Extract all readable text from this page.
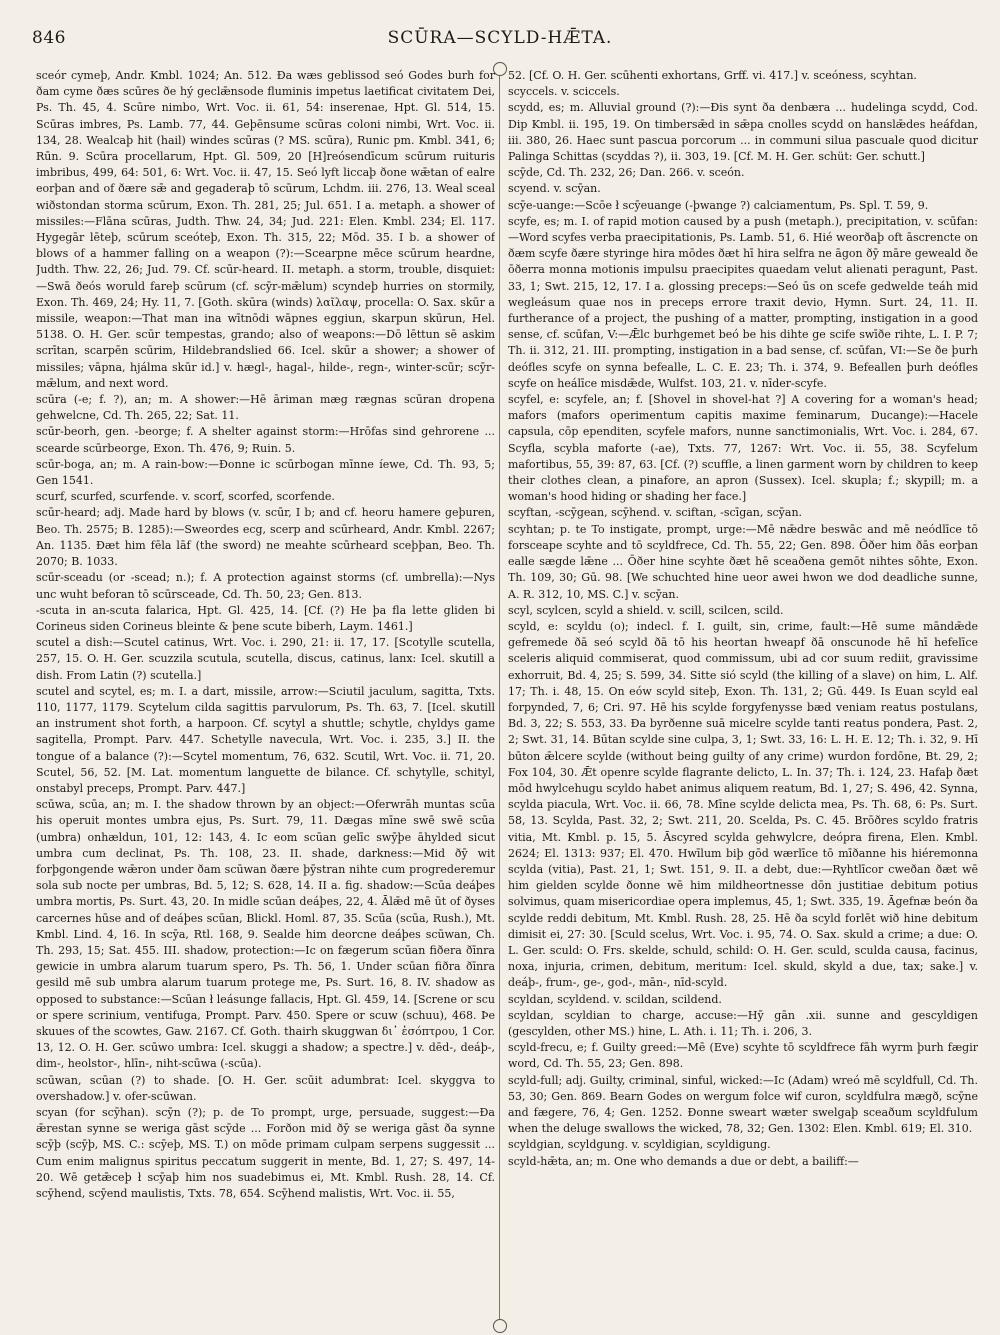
846	SCŪRA—SCYLD-HǢTA.

sceór cymeþ, Andr. Kmbl. 1024; An. 512. Ða wæs geblissod seó Godes burh for ðam cyme ðæs scūres ðe hý geclǣnsode fluminis impetus laetificat civitatem Dei, Ps. Th. 45, 4. Scūre nimbo, Wrt. Voc. ii. 61, 54: inserenae, Hpt. Gl. 514, 15. Scūras imbres, Ps. Lamb. 77, 44. Geþēnsume scūras coloni nimbi, Wrt. Voc. ii. 134, 28. Wealcaþ hit (hail) windes scūras (? MS. scūra), Runic pm. Kmbl. 341, 6; Rūn. 9. Scūra procellarum, Hpt. Gl. 509, 20 [H]reósendīcum scūrum ruituris imbribus, 499, 64: 501, 6: Wrt. Voc. ii. 47, 15. Seó lyft liccaþ ðone wǣtan of ealre eorþan and of ðære sǣ and gegaderaþ tō scūrum, Lchdm. iii. 276, 13. Weal sceal wiðstondan storma scūrum, Exon. Th. 281, 25; Jul. 651. I a. metaph. a shower of missiles:—Flāna scūras, Judth. Thw. 24, 34; Jud. 221: Elen. Kmbl. 234; El. 117. Hygegār lēteþ, scūrum sceóteþ, Exon. Th. 315, 22; Mōd. 35. I b. a shower of blows of a hammer falling on a weapon (?):—Scearpne mēce scūrum heardne, Judth. Thw. 22, 26; Jud. 79. Cf. scūr-heard. II. metaph. a storm, trouble, disquiet:—Swā ðeós woruld fareþ scūrum (cf. scȳr-mǣlum) scyndeþ hurries on stormily, Exon. Th. 469, 24; Hy. 11, 7. [Goth. skūra (winds) λαῖλαψ, procella: O. Sax. skūr a missile, weapon:—That man ina wītnōdi wāpnes eggiun, skarpun skūrun, Hel. 5138. O. H. Ger. scūr tempestas, grando; also of weapons:—Dō lēttun sē askim scrītan, scarpēn scūrim, Hildebrandslied 66. Icel. skūr a shower; a shower of missiles; vāpna, hjálma skūr id.] v. hægl-, hagal-, hilde-, regn-, winter-scūr; scȳr-mǣlum, and next word.

scūra (-e; f. ?), an; m. A shower:—Hē āriman mæg rægnas scūran dropena gehwelcne, Cd. Th. 265, 22; Sat. 11.

scūr-beorh, gen. -beorge; f. A shelter against storm:—Hrōfas sind gehrorene ... scearde scūrbeorge, Exon. Th. 476, 9; Ruin. 5.

scūr-boga, an; m. A rain-bow:—Ðonne ic scūrbogan mīnne íewe, Cd. Th. 93, 5; Gen 1541.

scurf, scurfed, scurfende. v. scorf, scorfed, scorfende.

scūr-heard; adj. Made hard by blows (v. scūr, I b; and cf. heoru hamere geþuren, Beo. Th. 2575; B. 1285):—Sweordes ecg, scerp and scūrheard, Andr. Kmbl. 2267; An. 1135. Ðæt him fēla lāf (the sword) ne meahte scūrheard sceþþan, Beo. Th. 2070; B. 1033.

scūr-sceadu (or -scead; n.); f. A protection against storms (cf. umbrella):—Nys unc wuht beforan tō scūrsceade, Cd. Th. 50, 23; Gen. 813.

-scuta in an-scuta falarica, Hpt. Gl. 425, 14. [Cf. (?) He þa fla lette gliden bi Corineus siden Corineus bleinte & þene scute biberh, Laym. 1461.]

scutel a dish:—Scutel catinus, Wrt. Voc. i. 290, 21: ii. 17, 17. [Scotylle scutella, 257, 15. O. H. Ger. scuzzila scutula, scutella, discus, catinus, lanx: Icel. skutill a dish. From Latin (?) scutella.]

scutel and scytel, es; m. I. a dart, missile, arrow:—Sciutil jaculum, sagitta, Txts. 110, 1177, 1179. Scytelum cilda sagittis parvulorum, Ps. Th. 63, 7. [Icel. skutill an instrument shot forth, a harpoon. Cf. scytyl a shuttle; schytle, chyldys game sagitella, Prompt. Parv. 447. Schetylle navecula, Wrt. Voc. i. 235, 3.] II. the tongue of a balance (?):—Scytel momentum, 76, 632. Scutil, Wrt. Voc. ii. 71, 20. Scutel, 56, 52. [M. Lat. momentum languette de bilance. Cf. schytylle, schityl, onstabyl preceps, Prompt. Parv. 447.]

scūwa, scūa, an; m. I. the shadow thrown by an object:—Oferwrāh muntas scūa his operuit montes umbra ejus, Ps. Surt. 79, 11. Dægas mīne swē swē scūa (umbra) onhældun, 101, 12: 143, 4. Ic eom scūan gelīc swȳþe āhylded sicut umbra cum declinat, Ps. Th. 108, 23. II. shade, darkness:—Mid ðȳ wit forþgongende wǣron under ðam scūwan ðære þȳstran nihte cum progrederemur sola sub nocte per umbras, Bd. 5, 12; S. 628, 14. II a. fig. shadow:—Scūa deáþes umbra mortis, Ps. Surt. 43, 20. In midle scūan deáþes, 22, 4. Ālǣd mē ūt of ðyses carcernes hūse and of deáþes scūan, Blickl. Homl. 87, 35. Scūa (scūa, Rush.), Mt. Kmbl. Lind. 4, 16. In scȳa, Rtl. 168, 9. Sealde him deorcne deáþes scūwan, Ch. Th. 293, 15; Sat. 455. III. shadow, protection:—Ic on fægerum scūan fiðera ðīnra gewicie in umbra alarum tuarum spero, Ps. Th. 56, 1. Under scūan fiðra ðīnra gesild mē sub umbra alarum tuarum protege me, Ps. Surt. 16, 8. IV. shadow as opposed to substance:—Scūan ł leásunge fallacis, Hpt. Gl. 459, 14. [Screne or scu or spere scrinium, ventifuga, Prompt. Parv. 450. Spere or scuw (schuu), 468. Þe skuues of the scowtes, Gaw. 2167. Cf. Goth. thairh skuggwan δι᾽ ἐσόπτρου, 1 Cor. 13, 12. O. H. Ger. scūwo umbra: Icel. skuggi a shadow; a spectre.] v. dēd-, deáþ-, dim-, heolstor-, hlīn-, niht-scūwa (-scūa).

scūwan, scūan (?) to shade. [O. H. Ger. scūit adumbrat: Icel. skyggva to overshadow.] v. ofer-scūwan.

scyan (for scȳhan). scȳn (?); p. de To prompt, urge, persuade, suggest:—Ða ǣrestan synne se weriga gāst scȳde ... Forðon mid ðȳ se weriga gāst ða synne scȳþ (scȳþ, MS. C.: scȳeþ, MS. T.) on mōde primam culpam serpens suggessit ... Cum enim malignus spiritus peccatum suggerit in mente, Bd. 1, 27; S. 497, 14-20. Wē getǣceþ ł scȳaþ him nos suadebimus ei, Mt. Kmbl. Rush. 28, 14. Cf. scȳhend, scȳend maulistis, Txts. 78, 654. Scȳhend malistis, Wrt. Voc. ii. 55,

52. [Cf. O. H. Ger. scūhenti exhortans, Grff. vi. 417.] v. sceóness, scyhtan.

scyccels. v. sciccels.

scydd, es; m. Alluvial ground (?):—Ðis synt ða denbæra ... hudelinga scydd, Cod. Dip Kmbl. ii. 195, 19. On timbersǣd in sǣpa cnolles scydd on hanslǣdes heáfdan, iii. 380, 26. Haec sunt pascua porcorum ... in communi silua pascuale quod dicitur Palinga Schittas (scyddas ?), ii. 303, 19. [Cf. M. H. Ger. schüt: Ger. schutt.]

scȳde, Cd. Th. 232, 26; Dan. 266. v. sceón.

scyend. v. scȳan.

scȳe-uange:—Scōe ł scȳeuange (-þwange ?) calciamentum, Ps. Spl. T. 59, 9.

scyfe, es; m. I. of rapid motion caused by a push (metaph.), precipitation, v. scūfan:—Word scyfes verba praecipitationis, Ps. Lamb. 51, 6. Hié weorðaþ oft āscrencte on ðæm scyfe ðære styringe hira mōdes ðæt hī hira selfra ne āgon ðȳ māre geweald ðe ōðerra monna motionis impulsu praecipites quaedam velut alienati peragunt, Past. 33, 1; Swt. 215, 12, 17. I a. glossing preceps:—Seó ūs on scefe gedwelde teáh mid wegleásum quae nos in preceps errore traxit devio, Hymn. Surt. 24, 11. II. furtherance of a project, the pushing of a matter, prompting, instigation in a good sense, cf. scūfan, V:—Ǣlc burhgemet beó be his dihte ge scife swīðe rihte, L. I. P. 7; Th. ii. 312, 21. III. prompting, instigation in a bad sense, cf. scūfan, VI:—Se ðe þurh deófles scyfe on synna befealle, L. C. E. 23; Th. i. 374, 9. Befeallen þurh deófles scyfe on heálīce misdǣde, Wulfst. 103, 21. v. nīder-scyfe.

scyfel, e: scyfele, an; f. [Shovel in shovel-hat ?] A covering for a woman's head; mafors (mafors operimentum capitis maxime feminarum, Ducange):—Hacele capsula, cōp ependiten, scyfele mafors, nunne sanctimonialis, Wrt. Voc. i. 284, 67. Scyfla, scybla maforte (-ae), Txts. 77, 1267: Wrt. Voc. ii. 55, 38. Scyfelum mafortibus, 55, 39: 87, 63. [Cf. (?) scuffle, a linen garment worn by children to keep their clothes clean, a pinafore, an apron (Sussex). Icel. skupla; f.; skypill; m. a woman's hood hiding or shading her face.]

scyftan, -scȳgean, scȳhend. v. sciftan, -scīgan, scȳan.

scyhtan; p. te To instigate, prompt, urge:—Mē nǣdre beswāc and mē neódlīce tō forsceape scyhte and tō scyldfrece, Cd. Th. 55, 22; Gen. 898. Ōðer him ðās eorþan ealle sægde lǣne ... Ōðer hine scyhte ðæt hē sceaðena gemōt nihtes sōhte, Exon. Th. 109, 30; Gū. 98. [We schuchted hine ueor awei hwon we dod deadliche sunne, A. R. 312, 10, MS. C.] v. scȳan.

scyl, scylcen, scyld a shield. v. scill, scilcen, scild.

scyld, e: scyldu (o); indecl. f. I. guilt, sin, crime, fault:—Hē sume māndǣde gefremede ðā seó scyld ðā tō his heortan hweарf ðā onscunode hē hī hefelīce sceleris aliquid commiserat, quod commissum, ubi ad cor suum rediit, gravissime exhorruit, Bd. 4, 25; S. 599, 34. Sitte sió scyld (the killing of a slave) on him, L. Alf. 17; Th. i. 48, 15. On eów scyld siteþ, Exon. Th. 131, 2; Gū. 449. Is Euan scyld eal forpynded, 7, 6; Cri. 97. Hē his scylde forgyfenysse bæd veniam reatus postulans, Bd. 3, 22; S. 553, 33. Ða byrðenne suā micelre scylde tanti reatus pondera, Past. 2, 2; Swt. 31, 14. Būtan scylde sine culpa, 3, 1; Swt. 33, 16: L. H. E. 12; Th. i. 32, 9. Hī būton ǣlcere scylde (without being guilty of any crime) wurdon fordōne, Bt. 29, 2; Fox 104, 30. Ǣt openre scylde flagrante delicto, L. In. 37; Th. i. 124, 23. Hafaþ ðæt mōd hwylcehugu scyldo habet animus aliquem reatum, Bd. 1, 27; S. 496, 42. Synna, scylda piacula, Wrt. Voc. ii. 66, 78. Mīne scylde delicta mea, Ps. Th. 68, 6: Ps. Surt. 58, 13. Scylda, Past. 32, 2; Swt. 211, 20. Scelda, Ps. C. 45. Brōðres scyldo fratris vitia, Mt. Kmbl. p. 15, 5. Āscyred scylda gehwylcre, deópra firena, Elen. Kmbl. 2624; El. 1313: 937; El. 470. Hwīlum biþ gōd wærlīce tō mīðanne his hiéremonna scylda (vitia), Past. 21, 1; Swt. 151, 9. II. a debt, due:—Ryhtlīcor cweðan ðæt wē him gielden scylde ðonne wē him mildheortnesse dōn justitiae debitum potius solvimus, quam misericordiae opera implemus, 45, 1; Swt. 335, 19. Āgefnæ beón ða scylde reddi debitum, Mt. Kmbl. Rush. 28, 25. Hē ða scyld forlēt wið hine debitum dimisit ei, 27: 30. [Sculd scelus, Wrt. Voc. i. 95, 74. O. Sax. skuld a crime; a due: O. L. Ger. sculd: O. Frs. skelde, schuld, schild: O. H. Ger. sculd, sculda causa, facinus, noxa, injuria, crimen, debitum, meritum: Icel. skuld, skyld a due, tax; sake.] v. deáþ-, frum-, ge-, god-, mān-, nīd-scyld.

scyldan, scyldend. v. scildan, scildend.

scyldan, scyldian to charge, accuse:—Hȳ gān .xii. sunne and gescyldigen (gescylden, other MS.) hine, L. Ath. i. 11; Th. i. 206, 3.

scyld-frecu, e; f. Guilty greed:—Mē (Eve) scyhte tō scyldfrece fāh wyrm þurh fægir word, Cd. Th. 55, 23; Gen. 898.

scyld-full; adj. Guilty, criminal, sinful, wicked:—Ic (Adam) wreó mē scyldfull, Cd. Th. 53, 30; Gen. 869. Bearn Godes on wergum folce wif curon, scyldfulra mægð, scȳne and fægere, 76, 4; Gen. 1252. Ðonne sweart wæter swelgaþ sceaðum scyldfulum when the deluge swallows the wicked, 78, 32; Gen. 1302: Elen. Kmbl. 619; El. 310.

scyldgian, scyldgung. v. scyldigian, scyldigung.

scyld-hǣta, an; m. One who demands a due or debt, a bailiff:—
